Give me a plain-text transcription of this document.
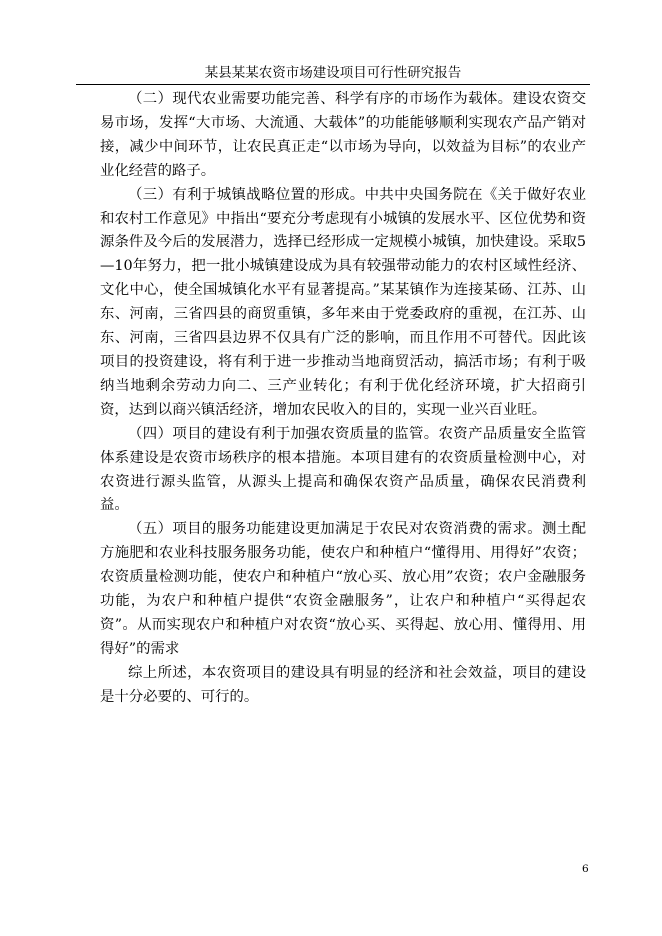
某县某某农资市场建设项目可行性研究报告

（二）现代农业需要功能完善、科学有序的市场作为载体。建设农资交易市场，发挥“大市场、大流通、大载体”的功能能够顺利实现农产品产销对接，减少中间环节，让农民真正走“以市场为导向，以效益为目标”的农业产业化经营的路子。

（三）有利于城镇战略位置的形成。中共中央国务院在《关于做好农业和农村工作意见》中指出“要充分考虑现有小城镇的发展水平、区位优势和资源条件及今后的发展潜力，选择已经形成一定规模小城镇，加快建设。采取5—10年努力，把一批小城镇建设成为具有较强带动能力的农村区域性经济、文化中心，使全国城镇化水平有显著提高。”某某镇作为连接某砀、江苏、山东、河南，三省四县的商贸重镇，多年来由于党委政府的重视，在江苏、山东、河南，三省四县边界不仅具有广泛的影响，而且作用不可替代。因此该项目的投资建设，将有利于进一步推动当地商贸活动，搞活市场；有利于吸纳当地剩余劳动力向二、三产业转化；有利于优化经济环境，扩大招商引资，达到以商兴镇活经济，增加农民收入的目的，实现一业兴百业旺。

（四）项目的建设有利于加强农资质量的监管。农资产品质量安全监管体系建设是农资市场秩序的根本措施。本项目建有的农资质量检测中心，对农资进行源头监管，从源头上提高和确保农资产品质量，确保农民消费利益。

（五）项目的服务功能建设更加满足于农民对农资消费的需求。测土配方施肥和农业科技服务服务功能，使农户和种植户“懂得用、用得好”农资；农资质量检测功能，使农户和种植户“放心买、放心用”农资；农户金融服务功能，为农户和种植户提供“农资金融服务”，让农户和种植户“买得起农资”。从而实现农户和种植户对农资“放心买、买得起、放心用、懂得用、用得好”的需求

综上所述，本农资项目的建设具有明显的经济和社会效益，项目的建设是十分必要的、可行的。

6
